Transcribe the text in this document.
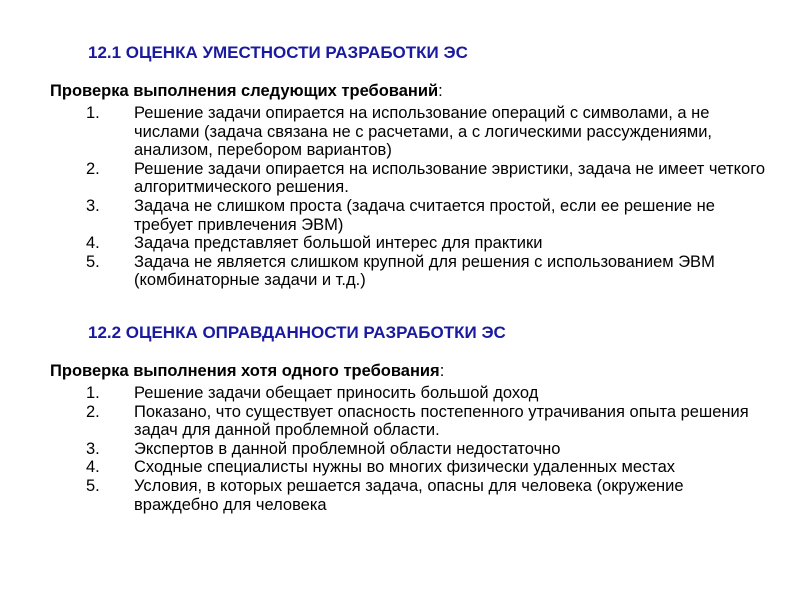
12.1 ОЦЕНКА УМЕСТНОСТИ РАЗРАБОТКИ ЭС
Проверка выполнения следующих требований:
1. Решение задачи опирается на использование операций с символами, а не числами (задача связана не с расчетами, а с логическими рассуждениями, анализом, перебором вариантов)
2. Решение задачи опирается на использование эвристики, задача не имеет четкого алгоритмического решения.
3. Задача не слишком проста (задача считается простой, если ее решение не требует привлечения ЭВМ)
4. Задача представляет большой интерес для практики
5. Задача не является слишком крупной для решения с использованием ЭВМ (комбинаторные задачи и т.д.)
12.2 ОЦЕНКА ОПРАВДАННОСТИ РАЗРАБОТКИ ЭС
Проверка выполнения хотя одного требования:
1. Решение задачи обещает приносить большой доход
2. Показано, что существует опасность постепенного утрачивания опыта решения задач для данной проблемной области.
3. Экспертов в данной проблемной области недостаточно
4. Сходные специалисты нужны во многих физически удаленных местах
5. Условия, в которых решается задача, опасны для человека (окружение враждебно для человека
